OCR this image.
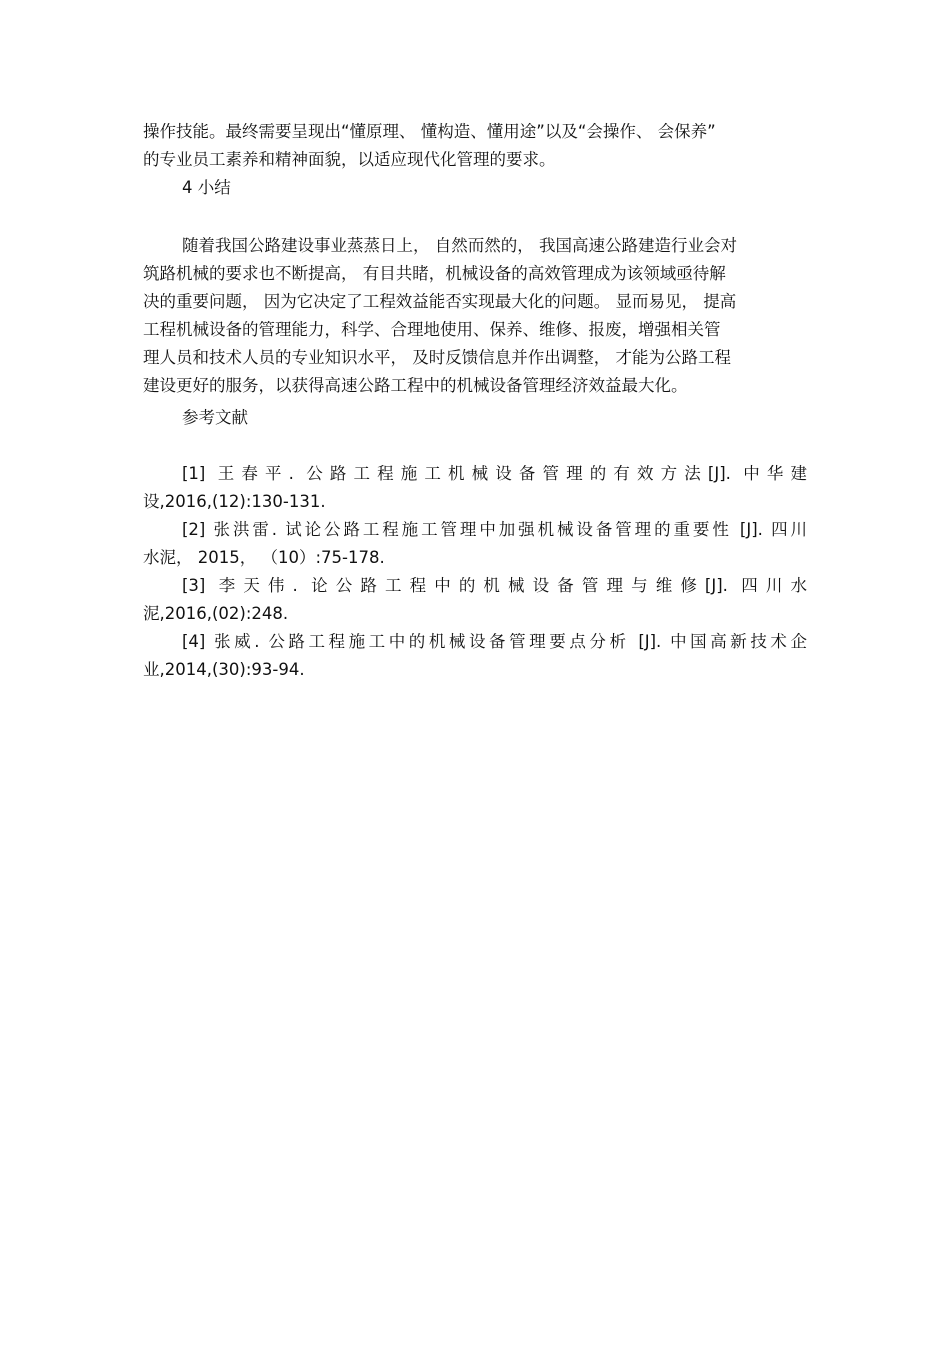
操作技能。最终需要呈现出“懂原理、 懂构造、懂用途”以及“会操作、 会保养”
的专业员工素养和精神面貌，以适应现代化管理的要求。
4 小结
随着我国公路建设事业蒸蒸日上， 自然而然的， 我国高速公路建造行业会对
筑路机械的要求也不断提高， 有目共睹，机械设备的高效管理成为该领域亟待解
决的重要问题， 因为它决定了工程效益能否实现最大化的问题。 显而易见， 提高
工程机械设备的管理能力，科学、合理地使用、保养、维修、报废，增强相关管
理人员和技术人员的专业知识水平， 及时反馈信息并作出调整， 才能为公路工程
建设更好的服务，以获得高速公路工程中的机械设备管理经济效益最大化。
参考文献
[1] 王春平. 公路工程施工机械设备管理的有效方法[J]. 中华建
设,2016,(12):130-131.
[2] 张洪雷. 试论公路工程施工管理中加强机械设备管理的重要性 [J]. 四川
水泥， 2015， （10）:75-178.
[3] 李天伟. 论公路工程中的机械设备管理与维修[J]. 四川水
泥,2016,(02):248.
[4] 张威. 公路工程施工中的机械设备管理要点分析 [J]. 中国高新技术企
业,2014,(30):93-94.
